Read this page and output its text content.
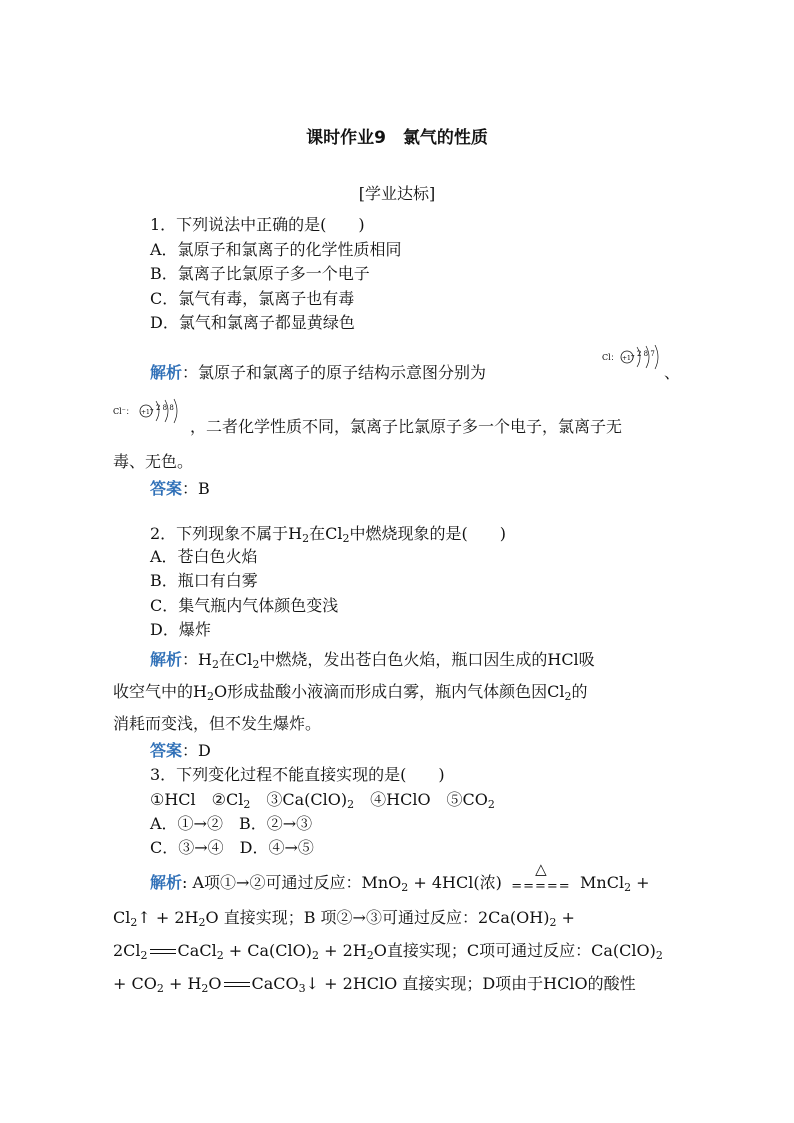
课时作业9　氯气的性质
[学业达标]
1．下列说法中正确的是(　　)
A．氯原子和氯离子的化学性质相同
B．氯离子比氯原子多一个电子
C．氯气有毒，氯离子也有毒
D．氯气和氯离子都显黄绿色
解析：氯原子和氯离子的原子结构示意图分别为
Cl： +17
2 8 7
、
Cl⁻： +17
2 8 8
，二者化学性质不同，氯离子比氯原子多一个电子，氯离子无
毒、无色。
答案：B
2．下列现象不属于$H_2$在$Cl_2$中燃烧现象的是(　　)
A．苍白色火焰
B．瓶口有白雾
C．集气瓶内气体颜色变浅
D．爆炸
解析：$H_2$在$Cl_2$中燃烧，发出苍白色火焰，瓶口因生成的HCl吸
收空气中的$H_2O$形成盐酸小液滴而形成白雾，瓶内气体颜色因$Cl_2$的
消耗而变浅，但不发生爆炸。
答案：D
3．下列变化过程不能直接实现的是(　　)
①HCl　$②Cl_2$　$③Ca(ClO)_2$　④HClO　$⑤CO_2$
A．①→②　B．②→③
C．③→④　D．④→⑤
解析: A项①→②可通过反应：MnO$_2$ + 4HCl(浓)
△
===== MnCl$_2$ +
$Cl_2↑ + 2H_2O$ 直接实现；B 项②→③可通过反应：$2Ca(OH)_2$ +
$2Cl_2$ CaCl$_2$ + $Ca(ClO)_2 + 2H_2O$直接实现；C项可通过反应：$Ca(ClO)_2$
+ $CO_2 + H_2O$ CaCO$_3$↓ + 2HClO 直接实现；D项由于HClO的酸性
